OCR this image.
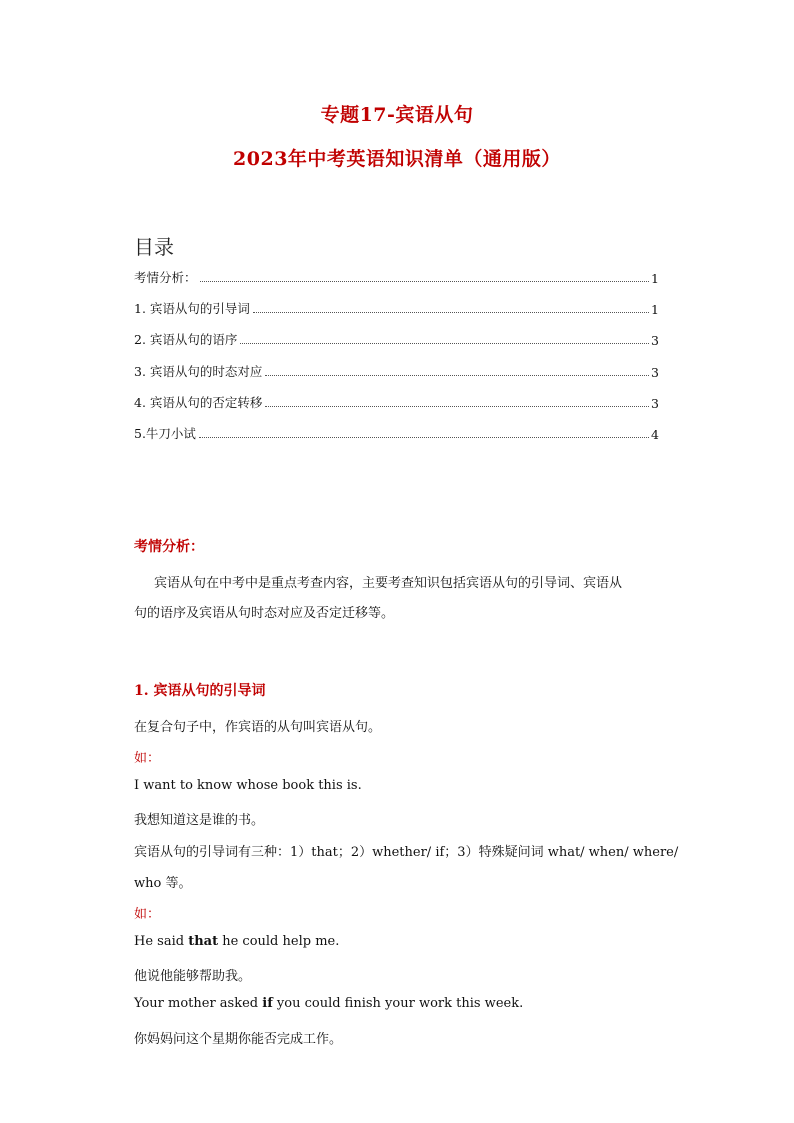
专题17-宾语从句
2023年中考英语知识清单（通用版）
目录
考情分析：	1
1. 宾语从句的引导词	1
2. 宾语从句的语序	3
3. 宾语从句的时态对应	3
4. 宾语从句的否定转移	3
5.牛刀小试	4
考情分析：
宾语从句在中考中是重点考查内容，主要考查知识包括宾语从句的引导词、宾语从
句的语序及宾语从句时态对应及否定迁移等。
1. 宾语从句的引导词
在复合句子中，作宾语的从句叫宾语从句。
如：
I want to know whose book this is.
我想知道这是谁的书。
宾语从句的引导词有三种：1）that；2）whether/ if；3）特殊疑问词 what/ when/ where/
who 等。
如：
He said that he could help me.
他说他能够帮助我。
Your mother asked if you could finish your work this week.
你妈妈问这个星期你能否完成工作。
